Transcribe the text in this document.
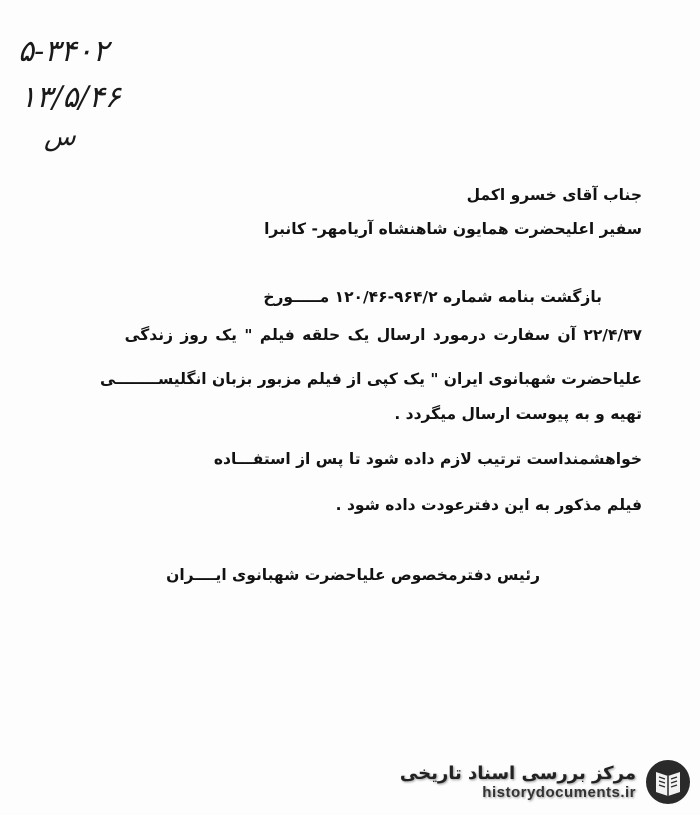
۵-۳۴۰۲
۱۳/۵/۴۶
س
جناب آقای خسرو اکمل
سفیر اعلیحضرت همایون شاهنشاه آریامهر- کانبرا
بازگشت بنامه شماره ۹۶۴/۲-۱۲۰/۴۶ مـــــورخ
۲۲/۴/۳۷ آن سفارت درمورد ارسال یک حلقه فیلم " یک روز زندگی
علیاحضرت شهبانوی ایران " یک کپی از فیلم مزبور بزبان انگلیســــــــی
تهیه و به پیوست ارسال میگردد .
خواهشمنداست ترتیب لازم داده شود تا پس از استفـــاده
فیلم مذکور به این دفترعودت داده شود .
رئیس دفترمخصوص علیاحضرت شهبانوی ایــــران
مرکز بررسی اسناد تاریخی
historydocuments.ir
